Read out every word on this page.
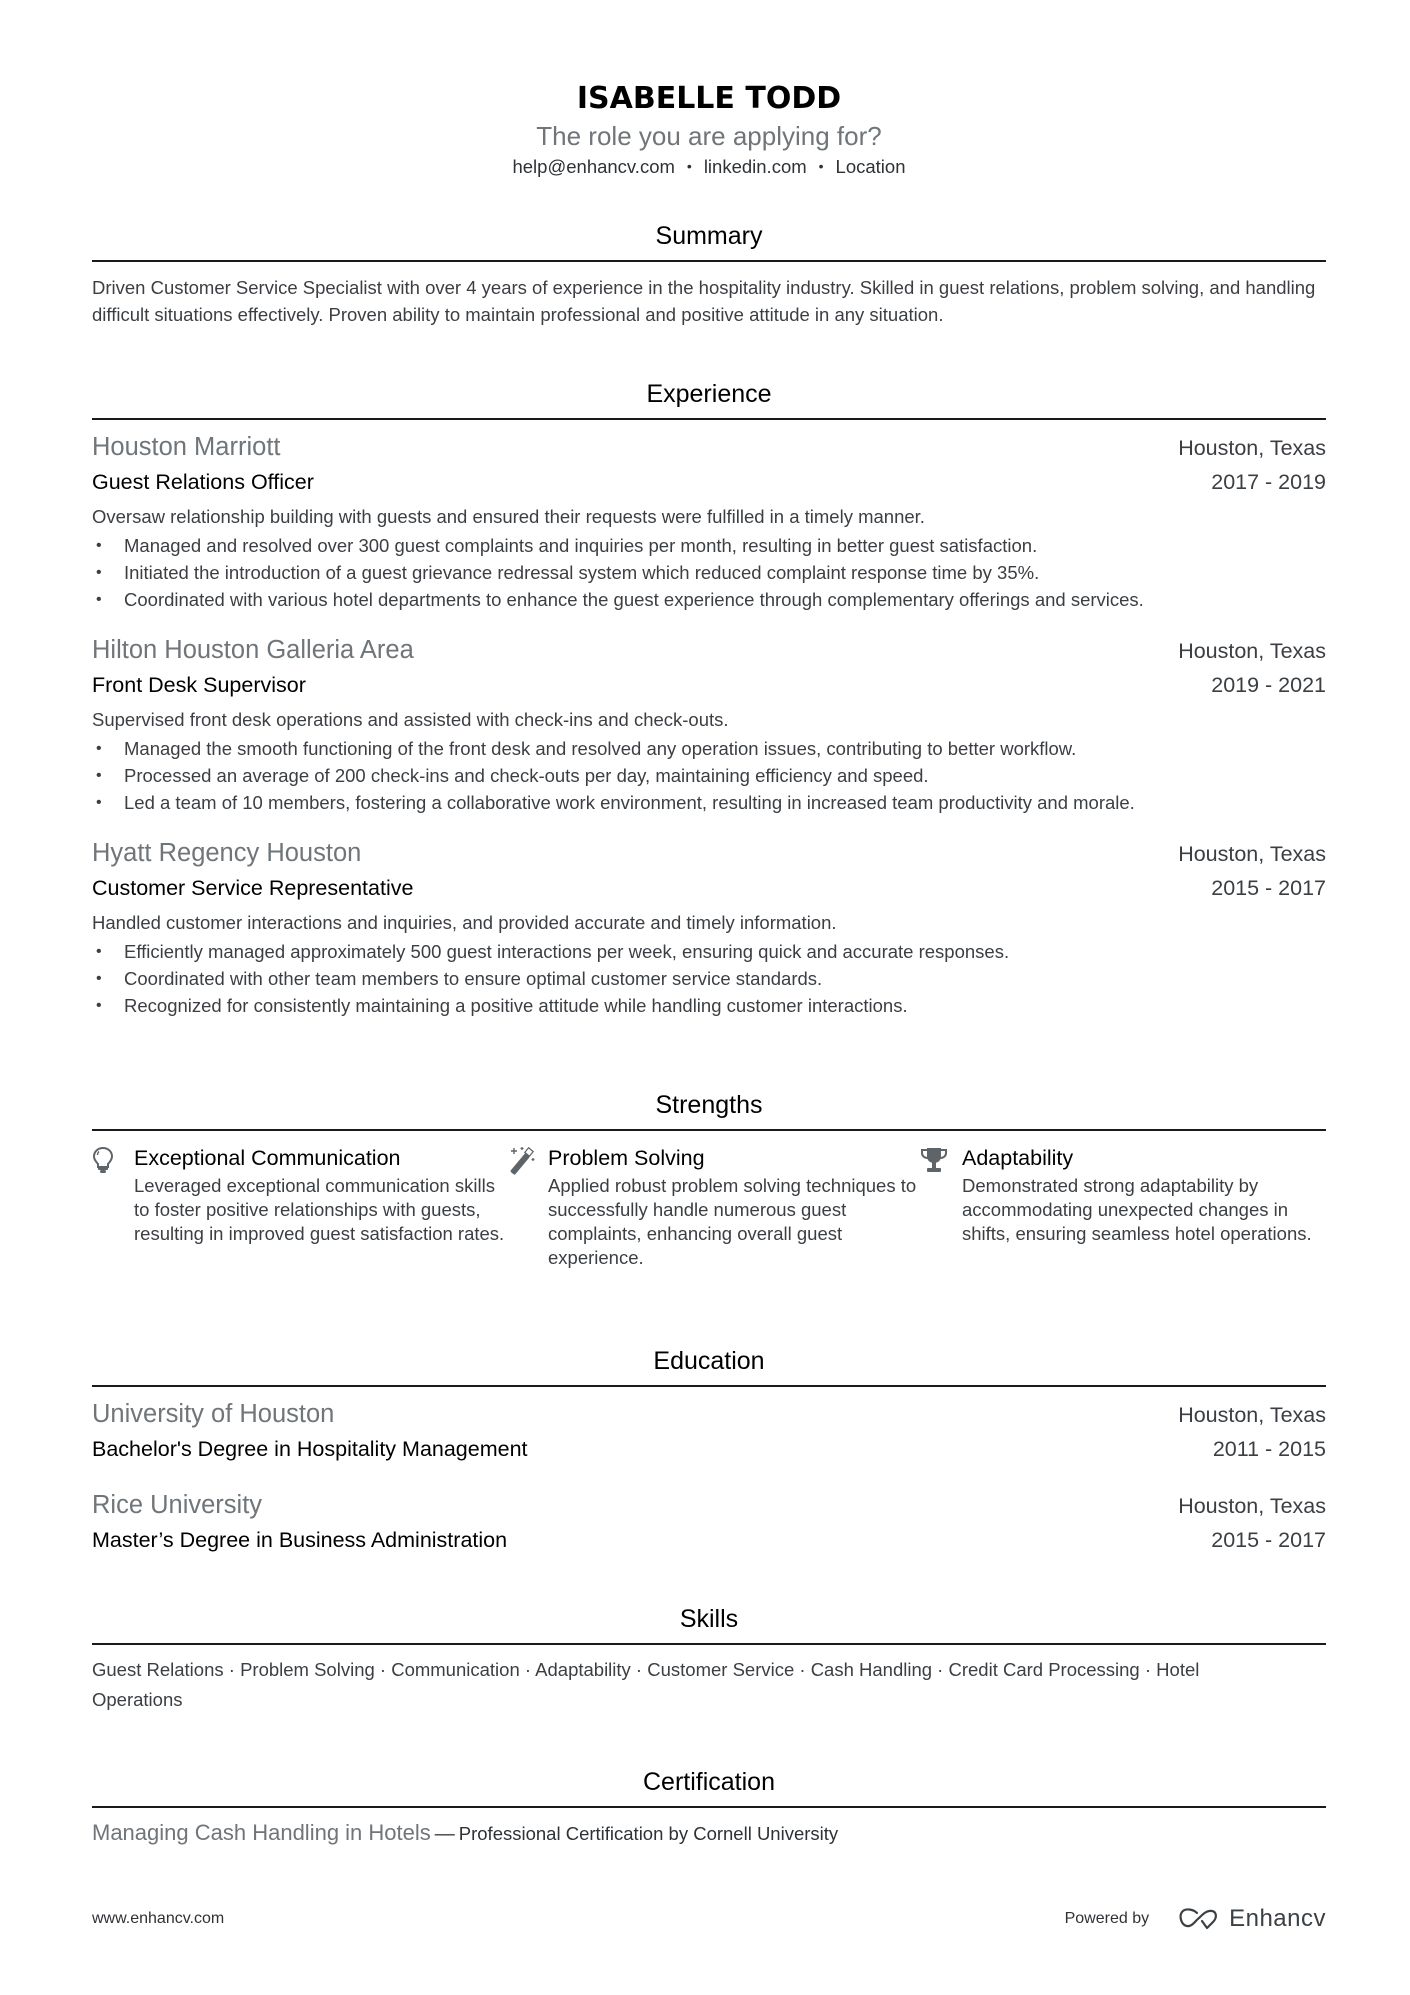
ISABELLE TODD
The role you are applying for?
help@enhancv.com • linkedin.com • Location
Summary
Driven Customer Service Specialist with over 4 years of experience in the hospitality industry. Skilled in guest relations, problem solving, and handling difficult situations effectively. Proven ability to maintain professional and positive attitude in any situation.
Experience
Houston Marriott	Houston, Texas
Guest Relations Officer	2017 - 2019
Oversaw relationship building with guests and ensured their requests were fulfilled in a timely manner.
• Managed and resolved over 300 guest complaints and inquiries per month, resulting in better guest satisfaction.
• Initiated the introduction of a guest grievance redressal system which reduced complaint response time by 35%.
• Coordinated with various hotel departments to enhance the guest experience through complementary offerings and services.
Hilton Houston Galleria Area	Houston, Texas
Front Desk Supervisor	2019 - 2021
Supervised front desk operations and assisted with check-ins and check-outs.
• Managed the smooth functioning of the front desk and resolved any operation issues, contributing to better workflow.
• Processed an average of 200 check-ins and check-outs per day, maintaining efficiency and speed.
• Led a team of 10 members, fostering a collaborative work environment, resulting in increased team productivity and morale.
Hyatt Regency Houston	Houston, Texas
Customer Service Representative	2015 - 2017
Handled customer interactions and inquiries, and provided accurate and timely information.
• Efficiently managed approximately 500 guest interactions per week, ensuring quick and accurate responses.
• Coordinated with other team members to ensure optimal customer service standards.
• Recognized for consistently maintaining a positive attitude while handling customer interactions.
Strengths
Exceptional Communication
Leveraged exceptional communication skills to foster positive relationships with guests, resulting in improved guest satisfaction rates.
Problem Solving
Applied robust problem solving techniques to successfully handle numerous guest complaints, enhancing overall guest experience.
Adaptability
Demonstrated strong adaptability by accommodating unexpected changes in shifts, ensuring seamless hotel operations.
Education
University of Houston	Houston, Texas
Bachelor's Degree in Hospitality Management	2011 - 2015
Rice University	Houston, Texas
Master’s Degree in Business Administration	2015 - 2017
Skills
Guest Relations · Problem Solving · Communication · Adaptability · Customer Service · Cash Handling · Credit Card Processing · Hotel Operations
Certification
Managing Cash Handling in Hotels — Professional Certification by Cornell University
www.enhancv.com	Powered by	Enhancv
